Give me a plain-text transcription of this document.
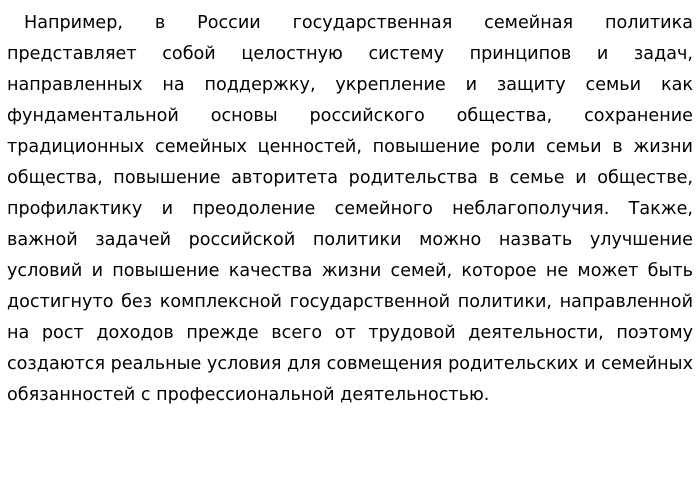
Например, в России государственная семейная политика представляет собой целостную систему принципов и задач, направленных на поддержку, укрепление и защиту семьи как фундаментальной основы российского общества, сохранение традиционных семейных ценностей, повышение роли семьи в жизни общества, повышение авторитета родительства в семье и обществе, профилактику и преодоление семейного неблагополучия. Также, важной задачей российской политики можно назвать улучшение условий и повышение качества жизни семей, которое не может быть достигнуто без комплексной государственной политики, направленной на рост доходов прежде всего от трудовой деятельности, поэтому создаются реальные условия для совмещения родительских и семейных обязанностей с профессиональной деятельностью.
